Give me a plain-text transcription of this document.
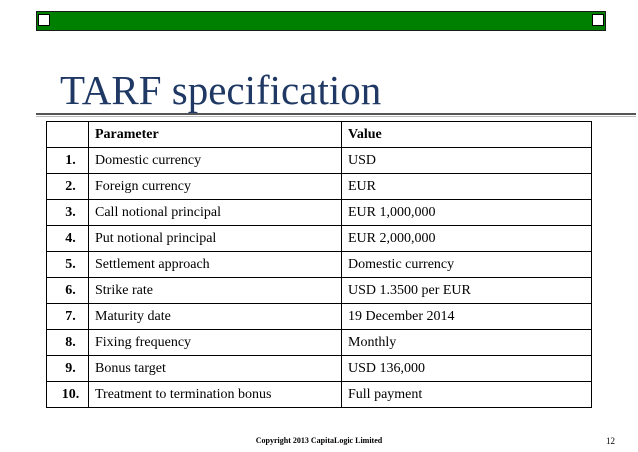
TARF specification
	Parameter	Value
1.	Domestic currency	USD
2.	Foreign currency	EUR
3.	Call notional principal	EUR 1,000,000
4.	Put notional principal	EUR 2,000,000
5.	Settlement approach	Domestic currency
6.	Strike rate	USD 1.3500 per EUR
7.	Maturity date	19 December 2014
8.	Fixing frequency	Monthly
9.	Bonus target	USD 136,000
10.	Treatment to termination bonus	Full payment
Copyright 2013 CapitaLogic Limited	12
